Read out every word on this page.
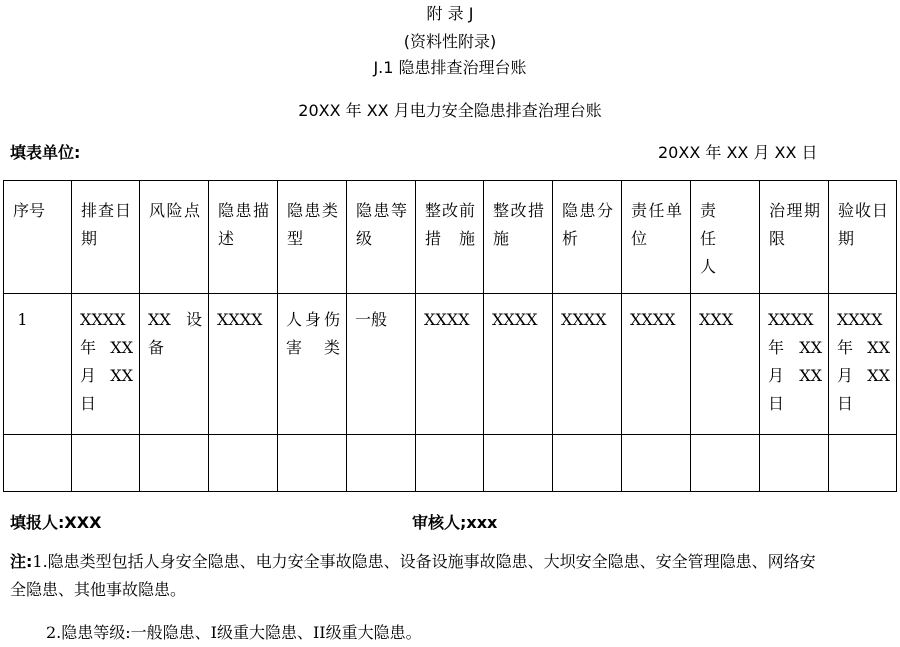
附 录 J
(资料性附录)
J.1 隐患排查治理台账
20XX 年 XX 月电力安全隐患排查治理台账
填表单位:	20XX 年 XX 月 XX 日
序号	排查日期	风险点	隐患描述	隐患类型	隐患等级	整改前措施	整改措施	隐患分析	责任单位	责任人	治理期限	验收日期

1	XXXX年XX月XX日	XX设备	XXXX	人身伤害类	一般	XXXX	XXXX	XXXX	XXXX	XXX	XXXX年XX月XX日	XXXX年XX月XX日

填报人:XXX	审核人;xxx
注:1.隐患类型包括人身安全隐患、电力安全事故隐患、设备设施事故隐患、大坝安全隐患、安全管理隐患、网络安全隐患、其他事故隐患。
2.隐患等级:一般隐患、I级重大隐患、II级重大隐患。
